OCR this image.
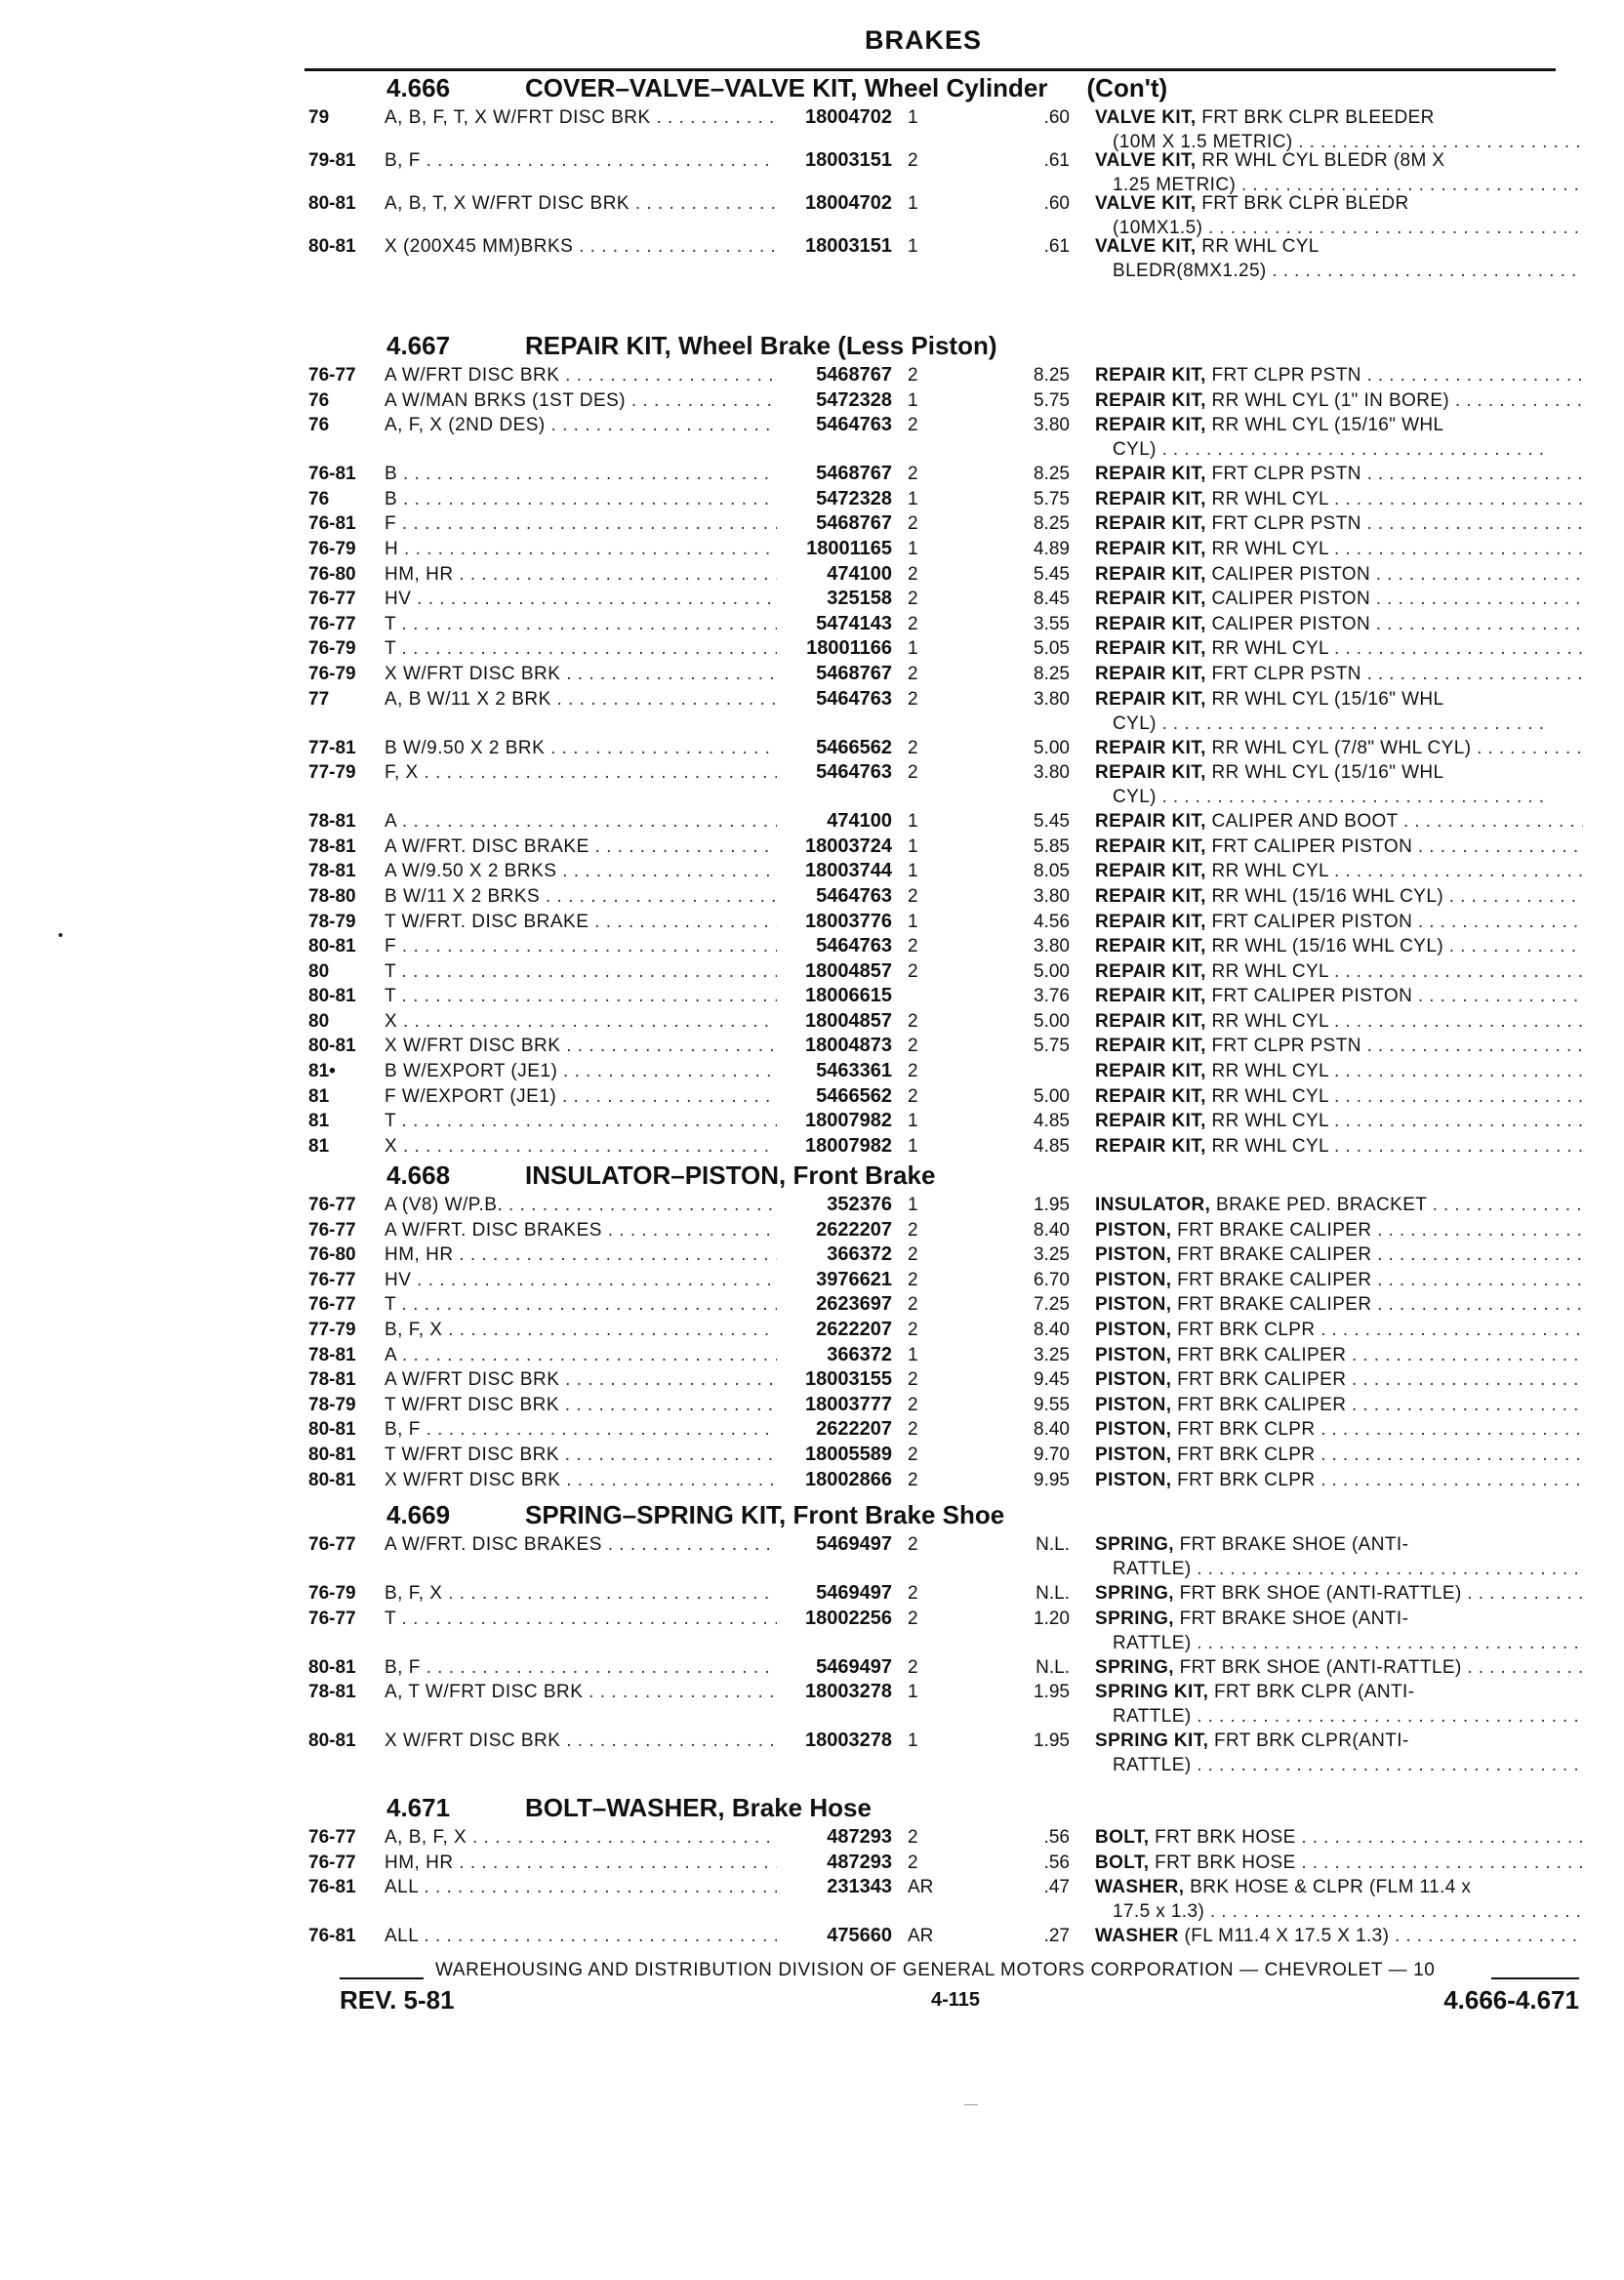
BRAKES
4.666	COVER–VALVE–VALVE KIT, Wheel Cylinder (Con't)
79	A, B, F, T, X W/FRT DISC BRK . . .	18004702 1	.60 VALVE KIT, FRT BRK CLPR BLEEDER
(10M X 1.5 METRIC) . . .
79-81	B, F . . .	18003151 2	.61 VALVE KIT, RR WHL CYL BLEDR (8M X
1.25 METRIC) . . .
80-81	A, B, T, X W/FRT DISC BRK . . .	18004702 1	.60 VALVE KIT, FRT BRK CLPR BLEDR
(10MX1.5) . . .
80-81	X (200X45 MM)BRKS . . .	18003151 1	.61 VALVE KIT, RR WHL CYL
BLEDR(8MX1.25) . . .
4.667	REPAIR KIT, Wheel Brake (Less Piston)
76-77	A W/FRT DISC BRK . . .	5468767 2	8.25 REPAIR KIT, FRT CLPR PSTN . . .
76	A W/MAN BRKS (1ST DES) . . .	5472328 1	5.75 REPAIR KIT, RR WHL CYL (1" IN BORE) . . .
76	A, F, X (2ND DES) . . .	5464763 2	3.80 REPAIR KIT, RR WHL CYL (15/16" WHL
CYL) . . .
76-81	B . . .	5468767 2	8.25 REPAIR KIT, FRT CLPR PSTN . . .
76	B . . .	5472328 1	5.75 REPAIR KIT, RR WHL CYL . . .
76-81	F . . .	5468767 2	8.25 REPAIR KIT, FRT CLPR PSTN . . .
76-79	H . . .	18001165 1	4.89 REPAIR KIT, RR WHL CYL . . .
76-80	HM, HR . . .	474100 2	5.45 REPAIR KIT, CALIPER PISTON . . .
76-77	HV . . .	325158 2	8.45 REPAIR KIT, CALIPER PISTON . . .
76-77	T . . .	5474143 2	3.55 REPAIR KIT, CALIPER PISTON . . .
76-79	T . . .	18001166 1	5.05 REPAIR KIT, RR WHL CYL . . .
76-79	X W/FRT DISC BRK . . .	5468767 2	8.25 REPAIR KIT, FRT CLPR PSTN . . .
77	A, B W/11 X 2 BRK . . .	5464763 2	3.80 REPAIR KIT, RR WHL CYL (15/16" WHL
CYL) . . .
77-81	B W/9.50 X 2 BRK . . .	5466562 2	5.00 REPAIR KIT, RR WHL CYL (7/8" WHL CYL) . . .
77-79	F, X . . .	5464763 2	3.80 REPAIR KIT, RR WHL CYL (15/16" WHL
CYL) . . .
78-81	A . . .	474100 1	5.45 REPAIR KIT, CALIPER AND BOOT . . .
78-81	A W/FRT. DISC BRAKE . . .	18003724 1	5.85 REPAIR KIT, FRT CALIPER PISTON . . .
78-81	A W/9.50 X 2 BRKS . . .	18003744 1	8.05 REPAIR KIT, RR WHL CYL . . .
78-80	B W/11 X 2 BRKS . . .	5464763 2	3.80 REPAIR KIT, RR WHL (15/16 WHL CYL) . . .
78-79	T W/FRT. DISC BRAKE . . .	18003776 1	4.56 REPAIR KIT, FRT CALIPER PISTON . . .
80-81	F . . .	5464763 2	3.80 REPAIR KIT, RR WHL (15/16 WHL CYL) . . .
80	T . . .	18004857 2	5.00 REPAIR KIT, RR WHL CYL . . .
80-81	T . . .	18006615	3.76 REPAIR KIT, FRT CALIPER PISTON . . .
80	X . . .	18004857 2	5.00 REPAIR KIT, RR WHL CYL . . .
80-81	X W/FRT DISC BRK . . .	18004873 2	5.75 REPAIR KIT, FRT CLPR PSTN . . .
81•	B W/EXPORT (JE1) . . .	5463361 2	REPAIR KIT, RR WHL CYL . . .
81	F W/EXPORT (JE1) . . .	5466562 2	5.00 REPAIR KIT, RR WHL CYL . . .
81	T . . .	18007982 1	4.85 REPAIR KIT, RR WHL CYL . . .
81	X . . .	18007982 1	4.85 REPAIR KIT, RR WHL CYL . . .
4.668	INSULATOR–PISTON, Front Brake
76-77	A (V8) W/P.B. . . .	352376 1	1.95 INSULATOR, BRAKE PED. BRACKET . . .
76-77	A W/FRT. DISC BRAKES . . .	2622207 2	8.40 PISTON, FRT BRAKE CALIPER . . .
76-80	HM, HR . . .	366372 2	3.25 PISTON, FRT BRAKE CALIPER . . .
76-77	HV . . .	3976621 2	6.70 PISTON, FRT BRAKE CALIPER . . .
76-77	T . . .	2623697 2	7.25 PISTON, FRT BRAKE CALIPER . . .
77-79	B, F, X . . .	2622207 2	8.40 PISTON, FRT BRK CLPR . . .
78-81	A . . .	366372 1	3.25 PISTON, FRT BRK CALIPER . . .
78-81	A W/FRT DISC BRK . . .	18003155 2	9.45 PISTON, FRT BRK CALIPER . . .
78-79	T W/FRT DISC BRK . . .	18003777 2	9.55 PISTON, FRT BRK CALIPER . . .
80-81	B, F . . .	2622207 2	8.40 PISTON, FRT BRK CLPR . . .
80-81	T W/FRT DISC BRK . . .	18005589 2	9.70 PISTON, FRT BRK CLPR . . .
80-81	X W/FRT DISC BRK . . .	18002866 2	9.95 PISTON, FRT BRK CLPR . . .
4.669	SPRING–SPRING KIT, Front Brake Shoe
76-77	A W/FRT. DISC BRAKES . . .	5469497 2	N.L. SPRING, FRT BRAKE SHOE (ANTI-
RATTLE) . . .
76-79	B, F, X . . .	5469497 2	N.L. SPRING, FRT BRK SHOE (ANTI-RATTLE) . . .
76-77	T . . .	18002256 2	1.20 SPRING, FRT BRAKE SHOE (ANTI-
RATTLE) . . .
80-81	B, F . . .	5469497 2	N.L. SPRING, FRT BRK SHOE (ANTI-RATTLE) . . .
78-81	A, T W/FRT DISC BRK . . .	18003278 1	1.95 SPRING KIT, FRT BRK CLPR (ANTI-
RATTLE) . . .
80-81	X W/FRT DISC BRK . . .	18003278 1	1.95 SPRING KIT, FRT BRK CLPR(ANTI-
RATTLE) . . .
4.671	BOLT–WASHER, Brake Hose
76-77	A, B, F, X . . .	487293 2	.56 BOLT, FRT BRK HOSE . . .
76-77	HM, HR . . .	487293 2	.56 BOLT, FRT BRK HOSE . . .
76-81	ALL . . .	231343 AR	.47 WASHER, BRK HOSE & CLPR (FLM 11.4 x
17.5 x 1.3) . . .
76-81	ALL . . .	475660 AR	.27 WASHER (FL M11.4 X 17.5 X 1.3) . . .
WAREHOUSING AND DISTRIBUTION DIVISION OF GENERAL MOTORS CORPORATION — CHEVROLET — 10
REV. 5-81	4-115	4.666-4.671
